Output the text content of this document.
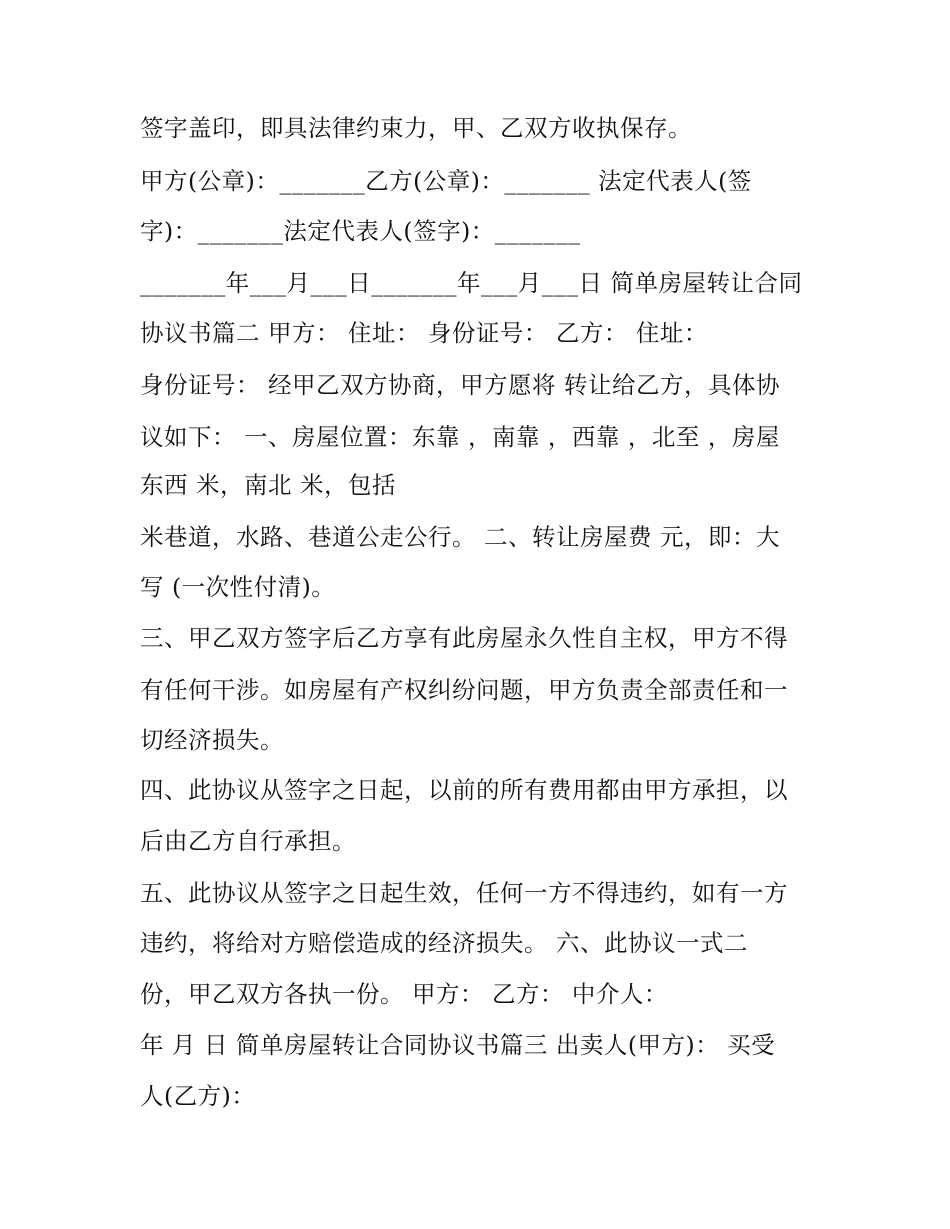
签字盖印，即具法律约束力，甲、乙双方收执保存。

甲方(公章)：_______乙方(公章)：_______ 法定代表人(签

字)：_______法定代表人(签字)：_______

_______年___月___日_______年___月___日 简单房屋转让合同

协议书篇二 甲方： 住址： 身份证号： 乙方： 住址：

身份证号： 经甲乙双方协商，甲方愿将 转让给乙方，具体协

议如下： 一、房屋位置：东靠 ，南靠 ，西靠 ，北至 ，房屋

东西 米，南北 米，包括

米巷道，水路、巷道公走公行。 二、转让房屋费 元，即：大

写 (一次性付清)。

三、甲乙双方签字后乙方享有此房屋永久性自主权，甲方不得

有任何干涉。如房屋有产权纠纷问题，甲方负责全部责任和一

切经济损失。

四、此协议从签字之日起，以前的所有费用都由甲方承担，以

后由乙方自行承担。

五、此协议从签字之日起生效，任何一方不得违约，如有一方

违约，将给对方赔偿造成的经济损失。 六、此协议一式二

份，甲乙双方各执一份。 甲方： 乙方： 中介人：

年 月 日 简单房屋转让合同协议书篇三 出卖人(甲方)： 买受

人(乙方)：
